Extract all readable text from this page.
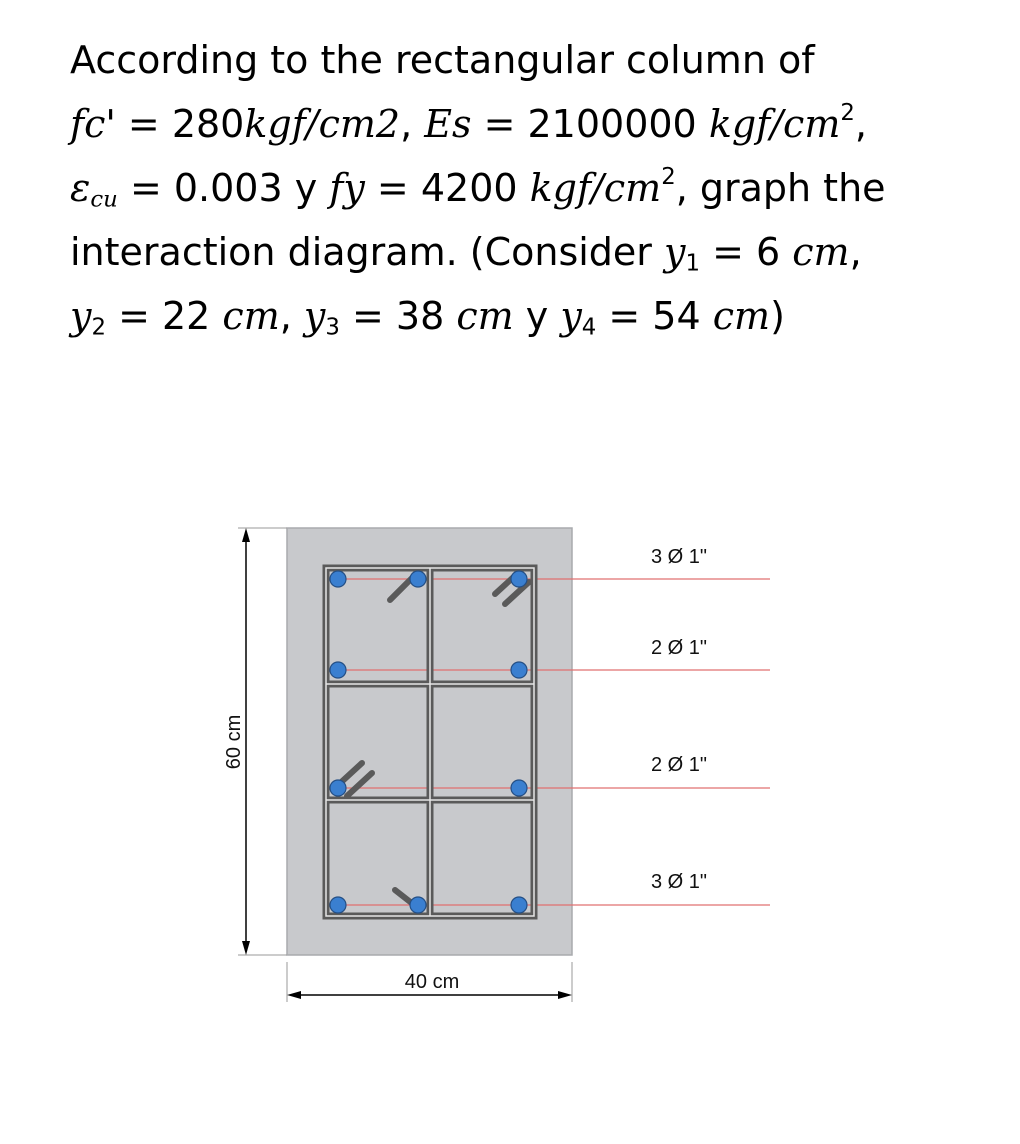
According to the rectangular column of
fc' = 280kgf/cm2, Es = 2100000 kgf/$cm^2$,
$\varepsilon_{cu} = 0.003$ y fy = 4200 kgf/$cm^2$, graph the
interaction diagram. (Consider $y_1 = 6$ cm,
$y_2 = 22$ cm, $y_3 = 38$ cm y $y_4 = 54$ cm)
3 Ø 1"
2 Ø 1"
2 Ø 1"
3 Ø 1"
60 cm
40 cm
